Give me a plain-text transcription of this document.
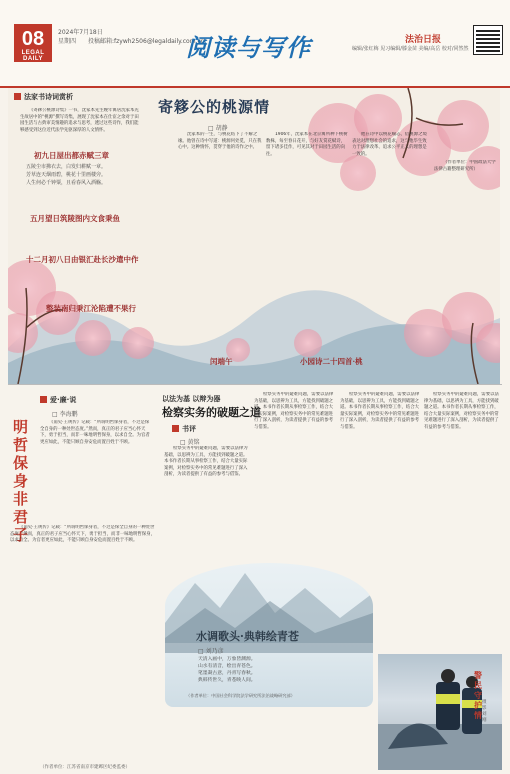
08
LEGAL DAILY
2024年7月18日
星期四 投稿邮箱:fzywh2506@legaldaily.com.cn
阅读与写作	编辑/张红梅 见习编辑/滕金苗 美编/高岳 校对/同然然
法治日报
法家书诗词赏析
寄簃公的桃源情
□ 胡静
《寄簃公桃源诗集》一书，沈家本先生晚年寓居沈家本先生故居中的“桃源”撰写诗集，展现了沈家本在仕宦之余对于田园生活与古典审美情趣的追求与思考，透过这些诗作，我们能够感受到这位近代法学先驱深厚的人文情怀。
初九日屋出都赤赋三章
五陵尘市拂衣去，白发归耕赋一章。
芳草连天烟雨碧，桃花十里画楼旁。
人生何必千钟粟，且看春风入酒觞。
五月望日筑陵图内文食秉鱼
十二月初八日由银汇赴长沙遣中作
整装南归秉江沦陷遭不果行
闰端午	小园诗二十四首·桃
沈家本的一生，与桃花结下了不解之缘。他曾在诗中写道：桃源何处觅，只在我心中。这种情怀，贯穿于他的诗作之中。
1906年，沈家本在北京寓所种下桃树数株，每至春日花开，与好友赏花赋诗，留下诸多佳作，可见其对于田园生活的向往。
他在诗中以桃花喻志，借桃源之境表达对理想社会的追求，这与他毕生致力于法律改革、追求公平正义的理想是一致的。
（作者单位：中国政法大学法律古籍整理研究所）
明哲保身非君子
爱·廉·说
□ 李海鹏
《南史·王规传》记载：“所谓明哲保身者，不过是保全自身的一种处世态度。”然而，真正的君子应当心怀天下，勇于担当，而非一味地明哲保身，以求自全。为官者更应如此，不能只顾自身安危而置百姓于不顾。
《南史·王规传》记载：“所谓明哲保身者，不过是保全自身的一种处世态度。”然而，真正的君子应当心怀天下，勇于担当，而非一味地明哲保身，以求自全。为官者更应如此，不能只顾自身安危而置百姓于不顾。
（作者单位：江苏省南京市建邺区纪委监委）
以法为基 以辩为器
检察实务的破题之道
书评
□ 黄铭
检察实务中的疑难问题，需要以法律为基础，以思辨为工具，方能找到破题之道。本书作者长期从事检察工作，结合大量实际案例，对检察实务中的常见难题进行了深入剖析，为读者提供了有益的参考与借鉴。
检察实务中的疑难问题，需要以法律为基础，以思辨为工具，方能找到破题之道。本书作者长期从事检察工作，结合大量实际案例，对检察实务中的常见难题进行了深入剖析，为读者提供了有益的参考与借鉴。
检察实务中的疑难问题，需要以法律为基础，以思辨为工具，方能找到破题之道。本书作者长期从事检察工作，结合大量实际案例，对检察实务中的常见难题进行了深入剖析，为读者提供了有益的参考与借鉴。
检察实务中的疑难问题，需要以法律为基础，以思辨为工具，方能找到破题之道。本书作者长期从事检察工作，结合大量实际案例，对检察实务中的常见难题进行了深入剖析，为读者提供了有益的参考与借鉴。
水调歌头·典韩绘青苍
□ 刘乃彦
天清入画中，万象皆渊源。
山水有清音，绘出青苍色。
笔墨凝古意，丹青写春秋。
典韩传世久，青苍映人间。
（作者单位：中国社会科学院法学研究所法治战略研究部）
警民守护情
摄影 刘刚
